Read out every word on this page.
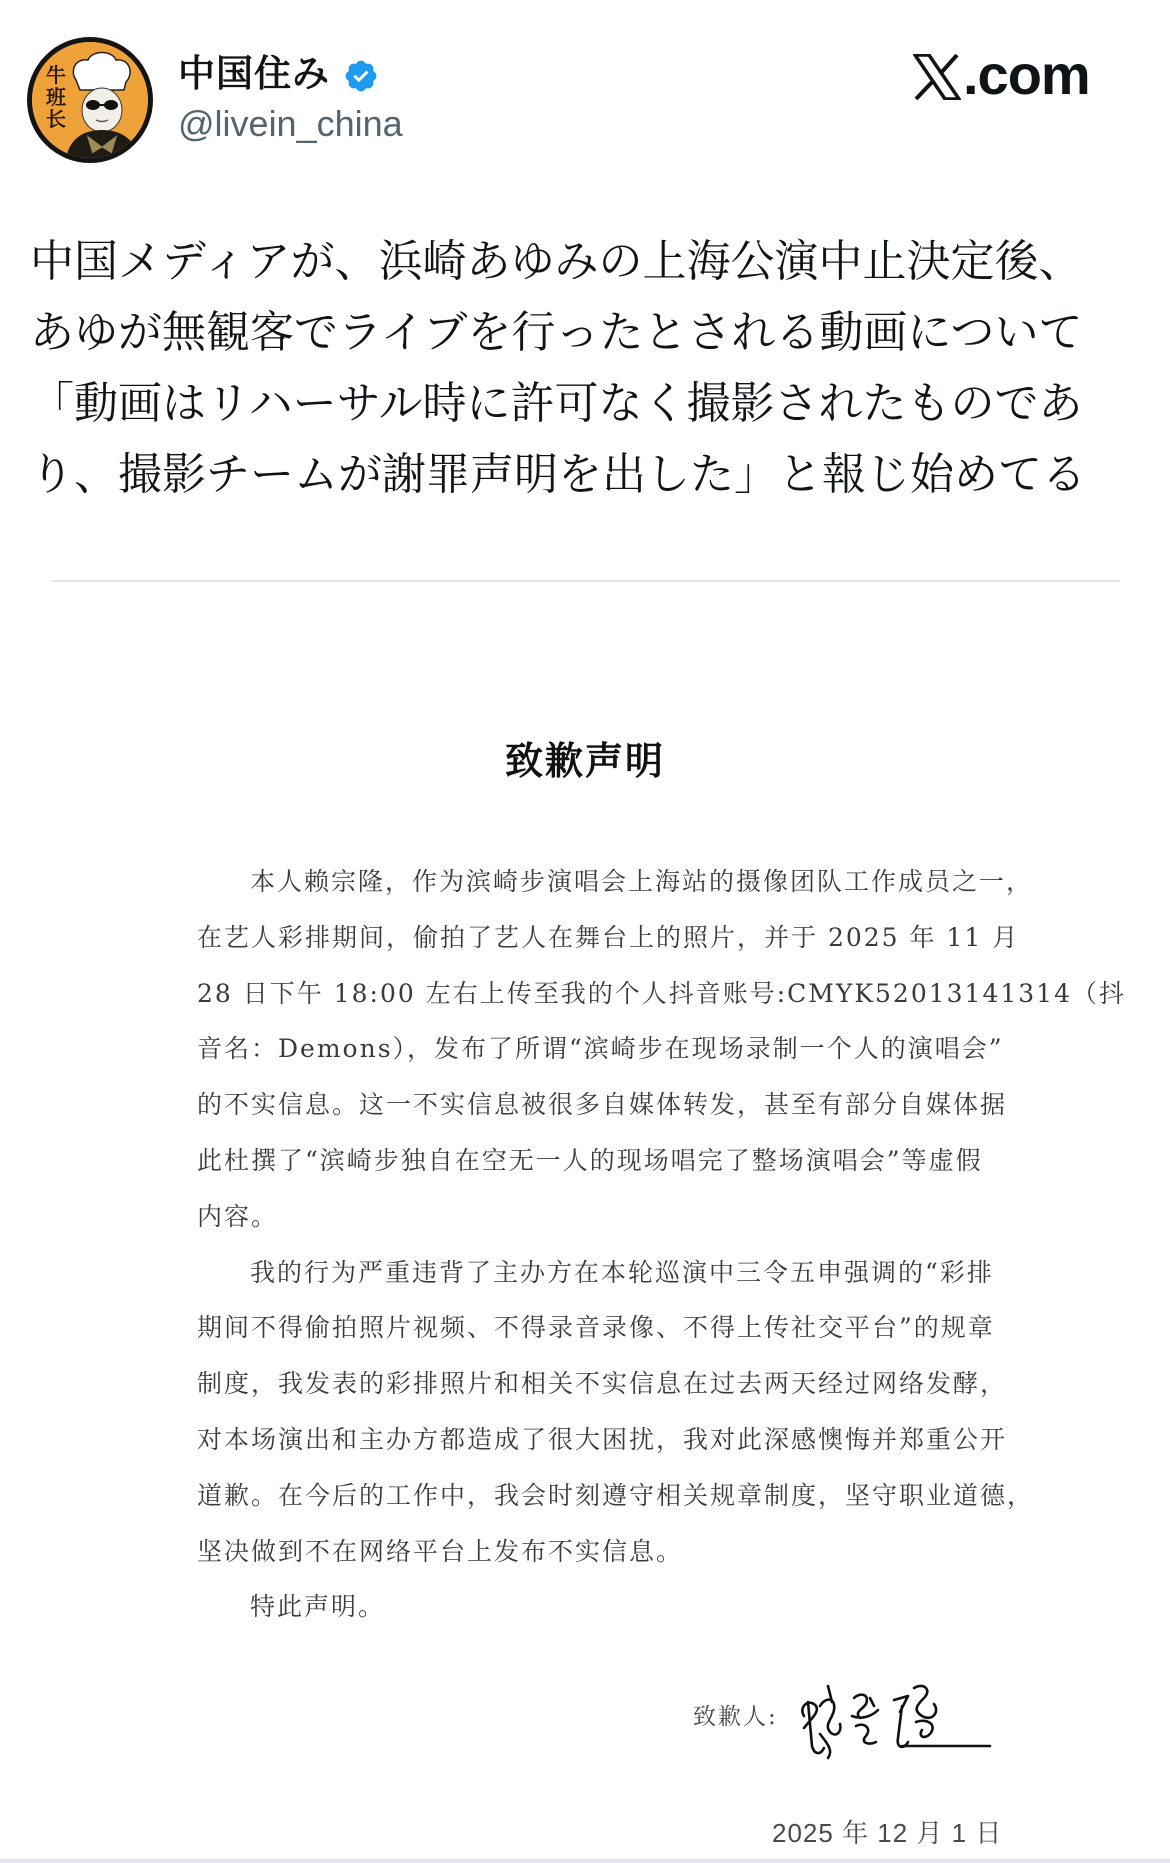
牛
班
长
中国住み
@livein_china
.com
中国メディアが、浜崎あゆみの上海公演中止決定後、
あゆが無観客でライブを行ったとされる動画について
「動画はリハーサル時に許可なく撮影されたものであ
り、撮影チームが謝罪声明を出した」と報じ始めてる
致歉声明
本人赖宗隆，作为滨崎步演唱会上海站的摄像团队工作成员之一，
在艺人彩排期间，偷拍了艺人在舞台上的照片，并于 2025 年 11 月
28 日下午 18:00 左右上传至我的个人抖音账号:CMYK52013141314（抖
音名：Demons），发布了所谓“滨崎步在现场录制一个人的演唱会”
的不实信息。这一不实信息被很多自媒体转发，甚至有部分自媒体据
此杜撰了“滨崎步独自在空无一人的现场唱完了整场演唱会”等虚假
内容。
我的行为严重违背了主办方在本轮巡演中三令五申强调的“彩排
期间不得偷拍照片视频、不得录音录像、不得上传社交平台”的规章
制度，我发表的彩排照片和相关不实信息在过去两天经过网络发酵，
对本场演出和主办方都造成了很大困扰，我对此深感懊悔并郑重公开
道歉。在今后的工作中，我会时刻遵守相关规章制度，坚守职业道德，
坚决做到不在网络平台上发布不实信息。
特此声明。
致歉人:
2025 年 12 月 1 日
